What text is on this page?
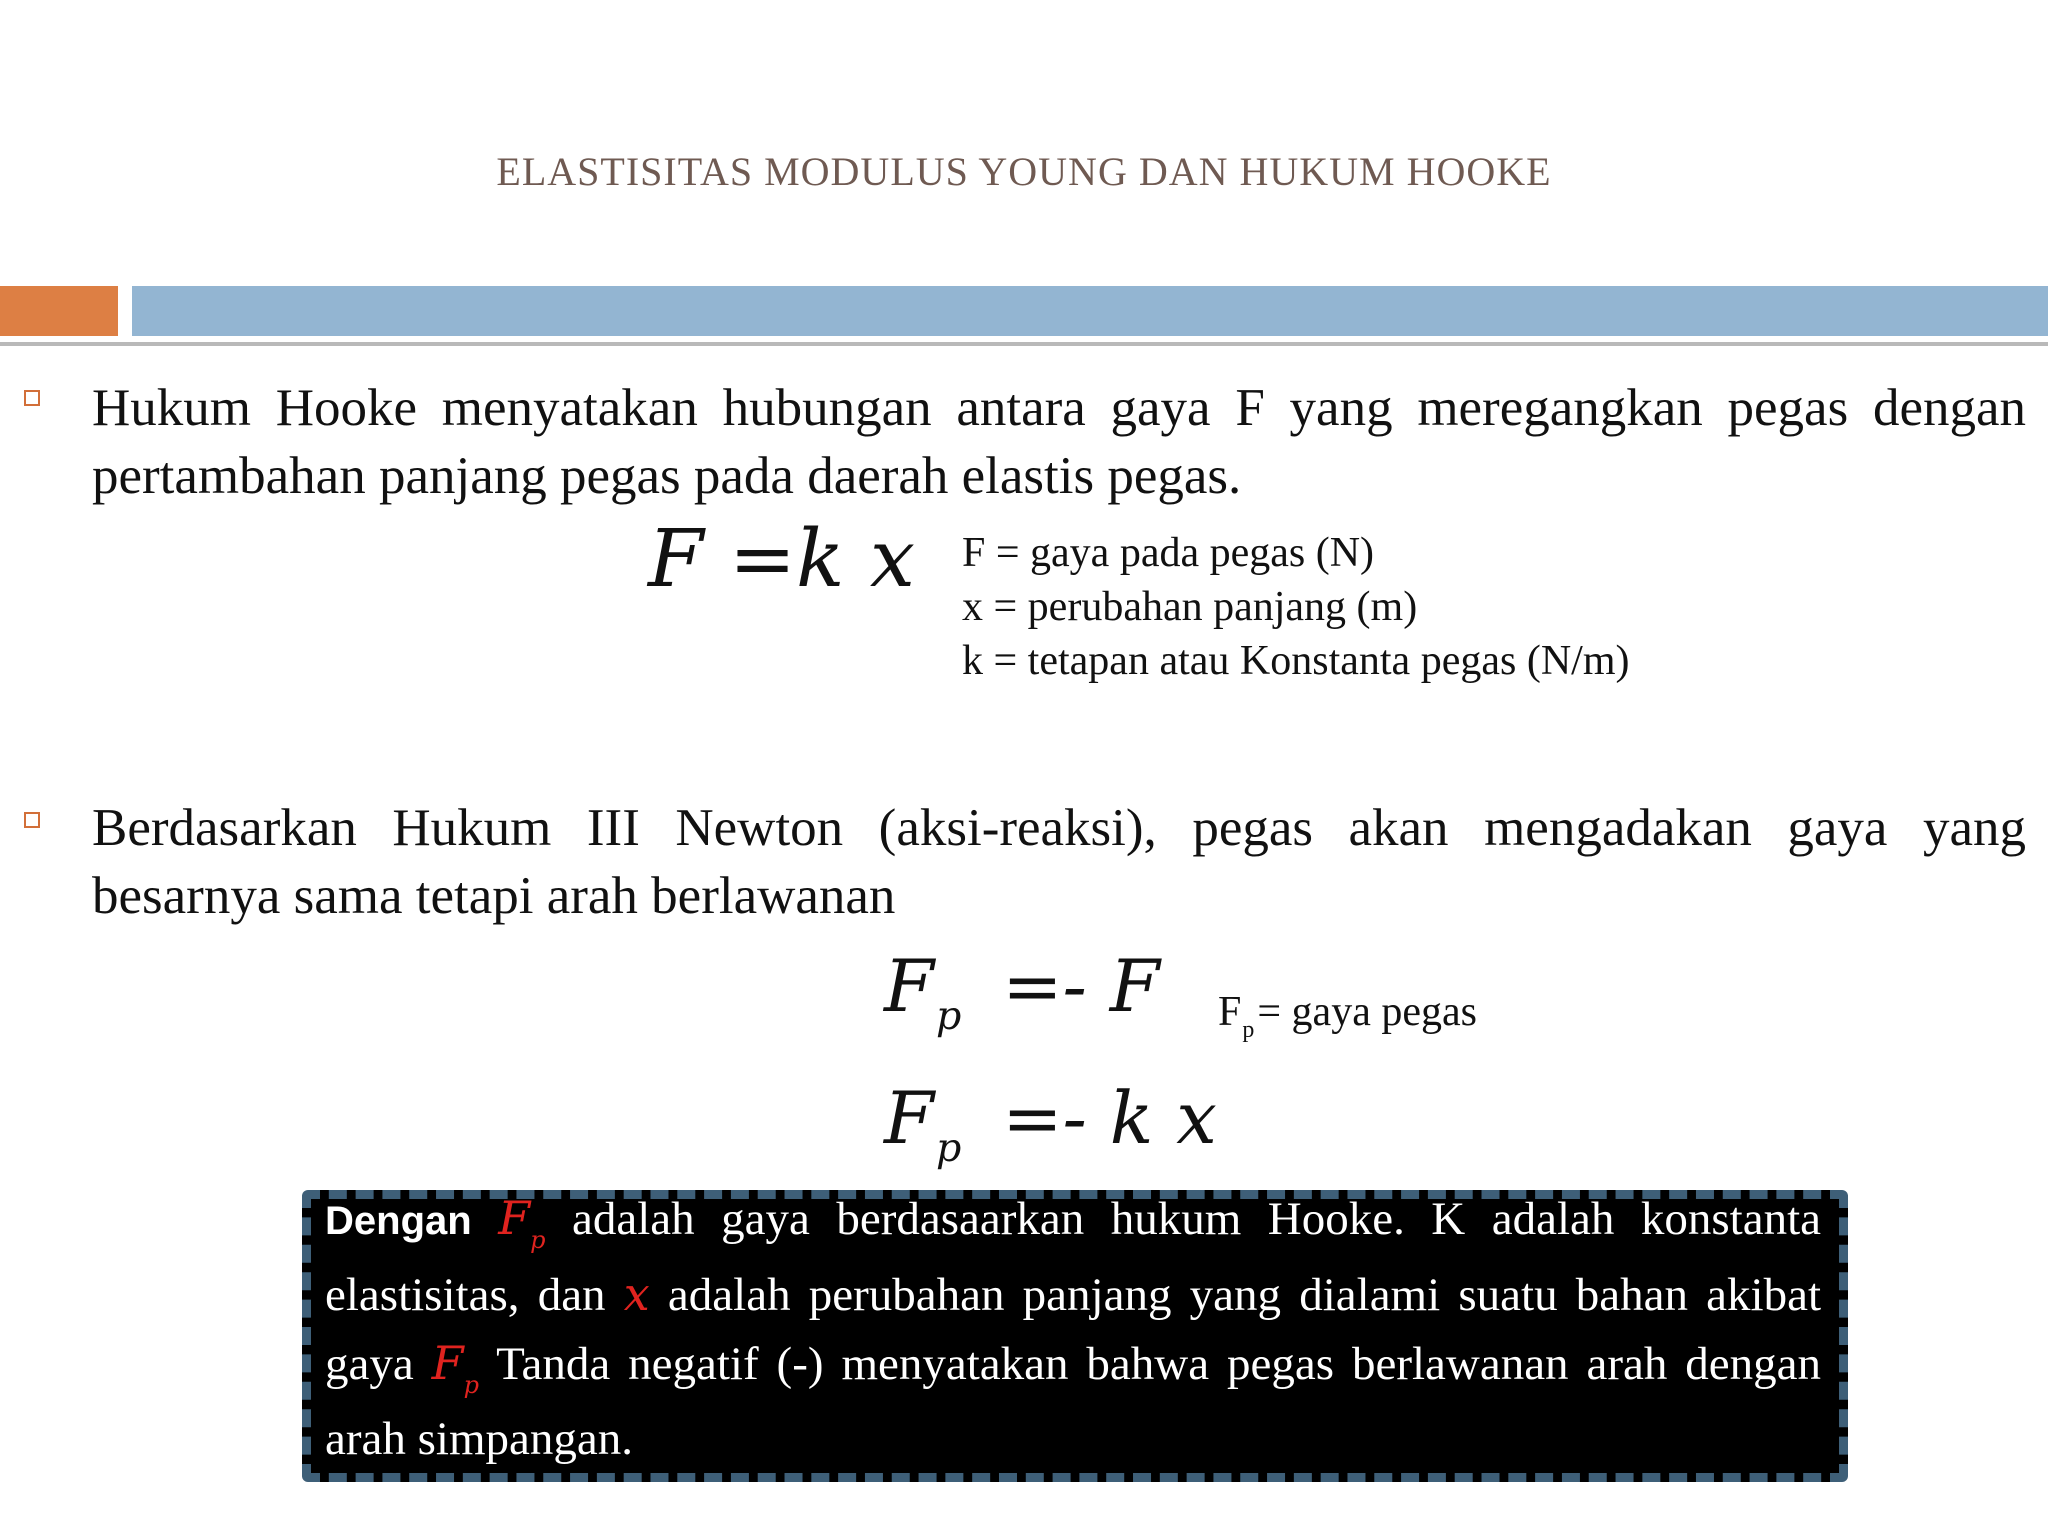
ELASTISITAS MODULUS YOUNG DAN HUKUM HOOKE
Hukum Hooke menyatakan hubungan antara gaya F yang meregangkan pegas dengan pertambahan panjang pegas pada daerah elastis pegas.
F =k x F = gaya pada pegas (N)
x = perubahan panjang (m)
k = tetapan atau Konstanta pegas (N/m)
Berdasarkan Hukum III Newton (aksi-reaksi), pegas akan mengadakan gaya yang besarnya sama tetapi arah berlawanan
$F_p =- F$ $F_p=$ gaya pegas
$F_p =- k$ x
Dengan $F_p$ adalah gaya berdasaarkan hukum Hooke. K adalah konstanta elastisitas, dan x adalah perubahan panjang yang dialami suatu bahan akibat gaya $F_p$ Tanda negatif (-) menyatakan bahwa pegas berlawanan arah dengan arah simpangan.
